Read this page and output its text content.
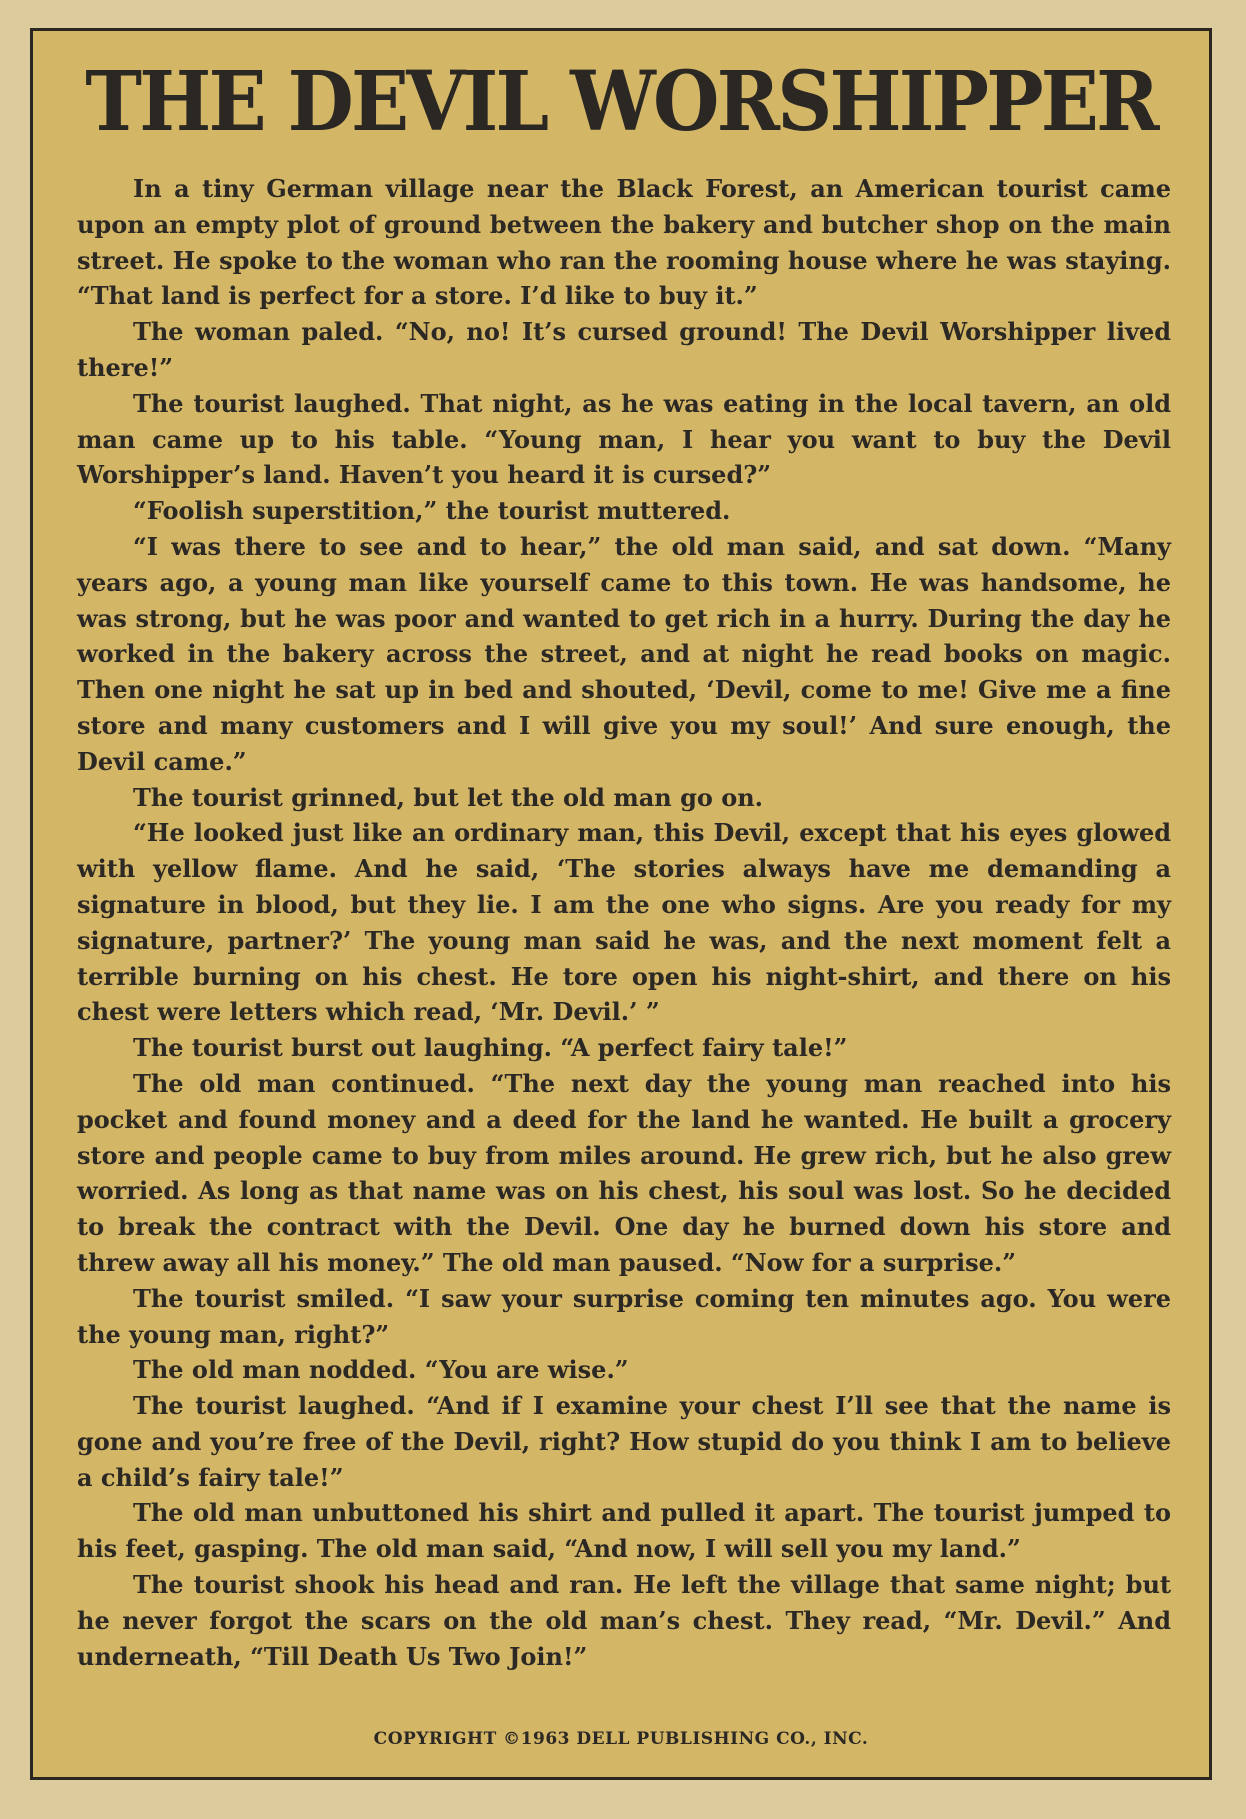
THE DEVIL WORSHIPPER

In a tiny German village near the Black Forest, an American tourist came upon an empty plot of ground between the bakery and butcher shop on the main street. He spoke to the woman who ran the rooming house where he was staying. “That land is perfect for a store. I’d like to buy it.”

The woman paled. “No, no! It’s cursed ground! The Devil Worshipper lived there!”

The tourist laughed. That night, as he was eating in the local tavern, an old man came up to his table. “Young man, I hear you want to buy the Devil Worshipper’s land. Haven’t you heard it is cursed?”

“Foolish superstition,” the tourist muttered.

“I was there to see and to hear,” the old man said, and sat down. “Many years ago, a young man like yourself came to this town. He was handsome, he was strong, but he was poor and wanted to get rich in a hurry. During the day he worked in the bakery across the street, and at night he read books on magic. Then one night he sat up in bed and shouted, ‘Devil, come to me! Give me a fine store and many customers and I will give you my soul!’ And sure enough, the Devil came.”

The tourist grinned, but let the old man go on.

“He looked just like an ordinary man, this Devil, except that his eyes glowed with yellow flame. And he said, ‘The stories always have me demanding a signature in blood, but they lie. I am the one who signs. Are you ready for my signature, partner?’ The young man said he was, and the next moment felt a terrible burning on his chest. He tore open his night-shirt, and there on his chest were letters which read, ‘Mr. Devil.’ ”

The tourist burst out laughing. “A perfect fairy tale!”

The old man continued. “The next day the young man reached into his pocket and found money and a deed for the land he wanted. He built a grocery store and people came to buy from miles around. He grew rich, but he also grew worried. As long as that name was on his chest, his soul was lost. So he decided to break the contract with the Devil. One day he burned down his store and threw away all his money.” The old man paused. “Now for a surprise.”

The tourist smiled. “I saw your surprise coming ten minutes ago. You were the young man, right?”

The old man nodded. “You are wise.”

The tourist laughed. “And if I examine your chest I’ll see that the name is gone and you’re free of the Devil, right? How stupid do you think I am to believe a child’s fairy tale!”

The old man unbuttoned his shirt and pulled it apart. The tourist jumped to his feet, gasping. The old man said, “And now, I will sell you my land.”

The tourist shook his head and ran. He left the village that same night; but he never forgot the scars on the old man’s chest. They read, “Mr. Devil.” And underneath, “Till Death Us Two Join!”

COPYRIGHT ©1963 DELL PUBLISHING CO., INC.
